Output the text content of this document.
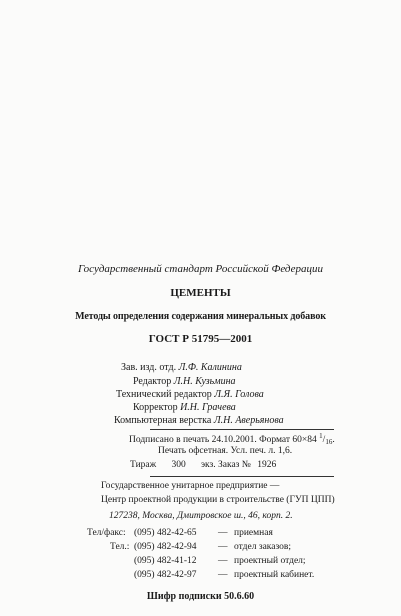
Государственный стандарт Российской Федерации
ЦЕМЕНТЫ
Методы определения содержания минеральных добавок
ГОСТ Р 51795—2001
Зав. изд. отд. Л.Ф. Калинина
Редактор Л.Н. Кузьмина
Технический редактор Л.Я. Голова
Корректор И.Н. Грачева
Компьютерная верстка Л.Н. Аверьянова
Подписано в печать 24.10.2001. Формат 60×84 $^1/_{16}$.
Печать офсетная. Усл. печ. л. 1,6.
Тираж 300 экз. Заказ № 1926
Государственное унитарное предприятие —
Центр проектной продукции в строительстве (ГУП ЦПП)
127238, Москва, Дмитровское ш., 46, корп. 2.
Тел/факс: (095) 482-42-65 — приемная
Тел.: (095) 482-42-94 — отдел заказов;
(095) 482-41-12 — проектный отдел;
(095) 482-42-97 — проектный кабинет.
Шифр подписки 50.6.60
